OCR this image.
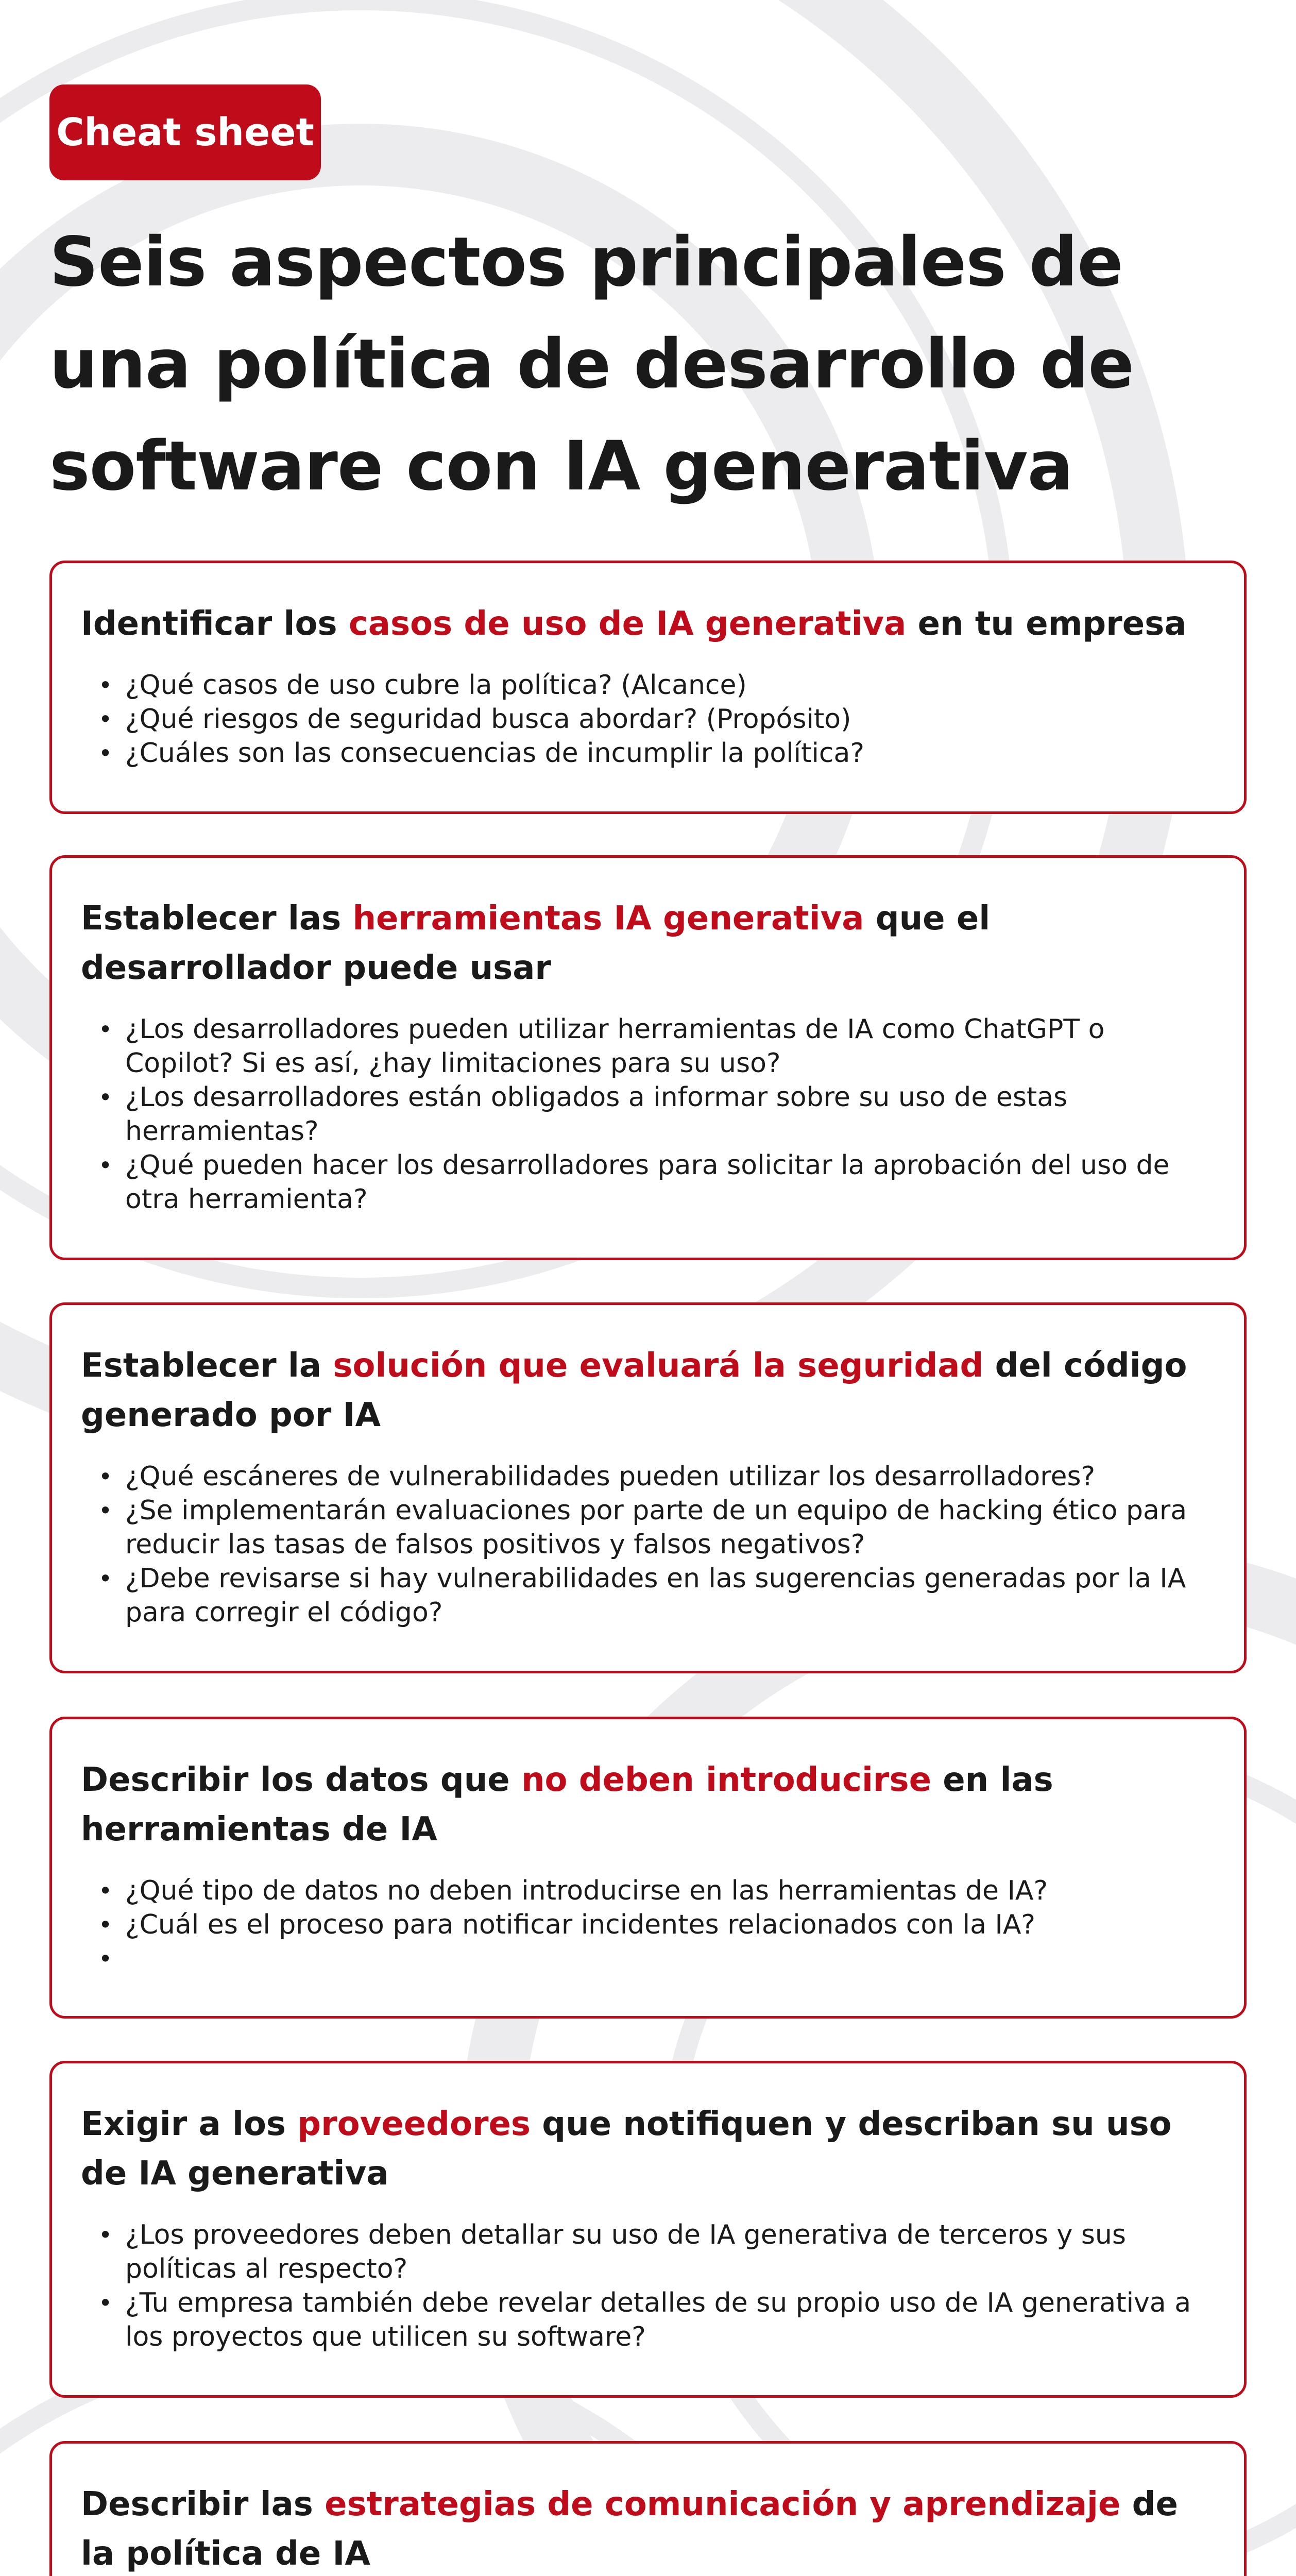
Cheat sheet
Seis aspectos principales de una política de desarrollo de software con IA generativa
Identificar los casos de uso de IA generativa en tu empresa
• ¿Qué casos de uso cubre la política? (Alcance)
• ¿Qué riesgos de seguridad busca abordar? (Propósito)
• ¿Cuáles son las consecuencias de incumplir la política?
Establecer las herramientas IA generativa que el desarrollador puede usar
• ¿Los desarrolladores pueden utilizar herramientas de IA como ChatGPT o Copilot? Si es así, ¿hay limitaciones para su uso?
• ¿Los desarrolladores están obligados a informar sobre su uso de estas herramientas?
• ¿Qué pueden hacer los desarrolladores para solicitar la aprobación del uso de otra herramienta?
Establecer la solución que evaluará la seguridad del código generado por IA
• ¿Qué escáneres de vulnerabilidades pueden utilizar los desarrolladores?
• ¿Se implementarán evaluaciones por parte de un equipo de hacking ético para reducir las tasas de falsos positivos y falsos negativos?
• ¿Debe revisarse si hay vulnerabilidades en las sugerencias generadas por la IA para corregir el código?
Describir los datos que no deben introducirse en las herramientas de IA
• ¿Qué tipo de datos no deben introducirse en las herramientas de IA?
• ¿Cuál es el proceso para notificar incidentes relacionados con la IA?
•
Exigir a los proveedores que notifiquen y describan su uso de IA generativa
• ¿Los proveedores deben detallar su uso de IA generativa de terceros y sus políticas al respecto?
• ¿Tu empresa también debe revelar detalles de su propio uso de IA generativa a los proyectos que utilicen su software?
Describir las estrategias de comunicación y aprendizaje de la política de IA
